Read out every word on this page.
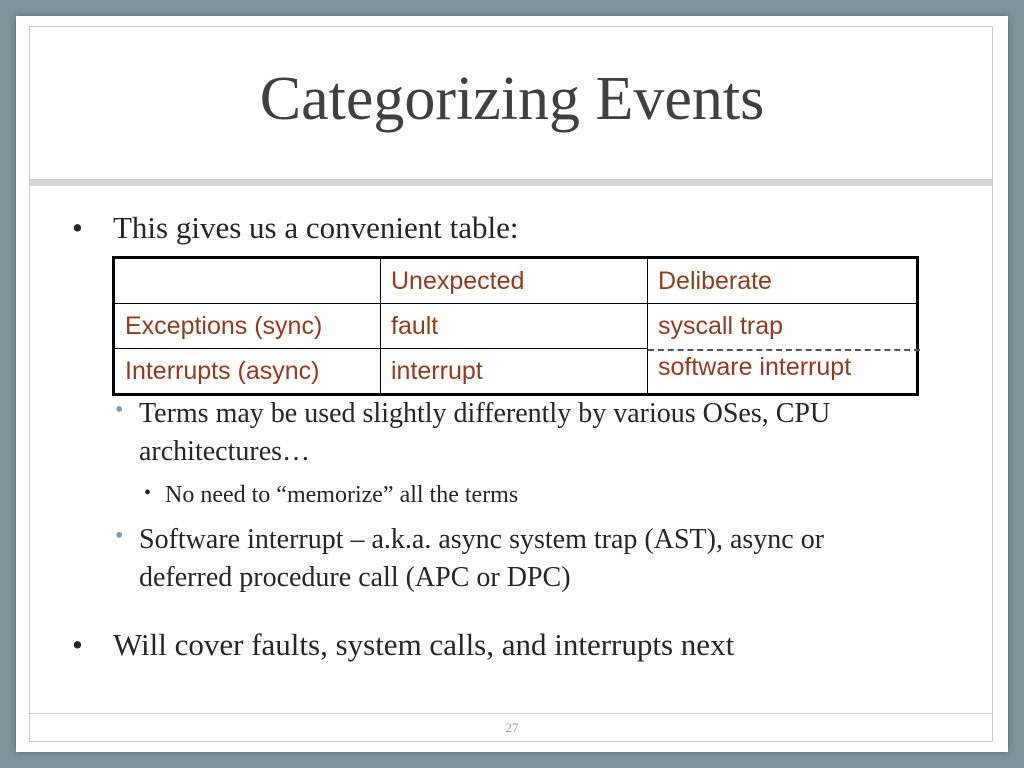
Categorizing Events
• This gives us a convenient table:
	Unexpected	Deliberate
Exceptions (sync)	fault	syscall trap
Interrupts (async)	interrupt	software interrupt
• Terms may be used slightly differently by various OSes, CPU architectures…
• No need to “memorize” all the terms
• Software interrupt – a.k.a. async system trap (AST), async or deferred procedure call (APC or DPC)
• Will cover faults, system calls, and interrupts next
27
